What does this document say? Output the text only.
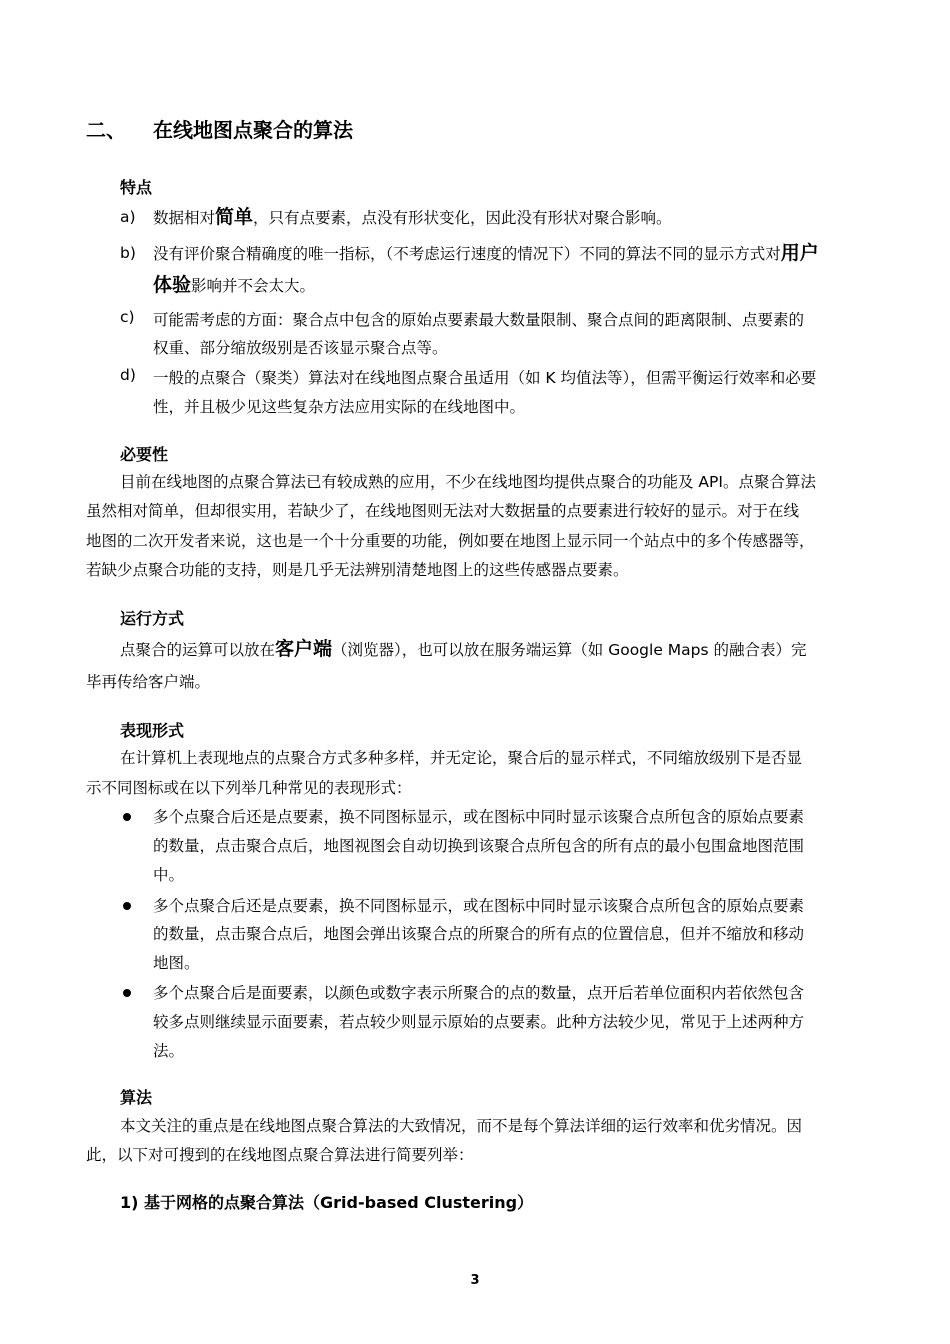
二、 在线地图点聚合的算法
特点
a) 数据相对简单，只有点要素，点没有形状变化，因此没有形状对聚合影响。
b) 没有评价聚合精确度的唯一指标，（不考虑运行速度的情况下）不同的算法不同的显示方式对用户
体验影响并不会太大。
c) 可能需考虑的方面：聚合点中包含的原始点要素最大数量限制、聚合点间的距离限制、点要素的
权重、部分缩放级别是否该显示聚合点等。
d) 一般的点聚合（聚类）算法对在线地图点聚合虽适用（如 K 均值法等），但需平衡运行效率和必要
性，并且极少见这些复杂方法应用实际的在线地图中。
必要性
目前在线地图的点聚合算法已有较成熟的应用，不少在线地图均提供点聚合的功能及 API。点聚合算法
虽然相对简单，但却很实用，若缺少了，在线地图则无法对大数据量的点要素进行较好的显示。对于在线
地图的二次开发者来说，这也是一个十分重要的功能，例如要在地图上显示同一个站点中的多个传感器等，
若缺少点聚合功能的支持，则是几乎无法辨别清楚地图上的这些传感器点要素。
运行方式
点聚合的运算可以放在客户端（浏览器），也可以放在服务端运算（如 Google Maps 的融合表）完
毕再传给客户端。
表现形式
在计算机上表现地点的点聚合方式多种多样，并无定论，聚合后的显示样式，不同缩放级别下是否显
示不同图标或在以下列举几种常见的表现形式：
多个点聚合后还是点要素，换不同图标显示，或在图标中同时显示该聚合点所包含的原始点要素
的数量，点击聚合点后，地图视图会自动切换到该聚合点所包含的所有点的最小包围盒地图范围
中。
多个点聚合后还是点要素，换不同图标显示，或在图标中同时显示该聚合点所包含的原始点要素
的数量，点击聚合点后，地图会弹出该聚合点的所聚合的所有点的位置信息，但并不缩放和移动
地图。
多个点聚合后是面要素，以颜色或数字表示所聚合的点的数量，点开后若单位面积内若依然包含
较多点则继续显示面要素，若点较少则显示原始的点要素。此种方法较少见，常见于上述两种方
法。
算法
本文关注的重点是在线地图点聚合算法的大致情况，而不是每个算法详细的运行效率和优劣情况。因
此，以下对可搜到的在线地图点聚合算法进行简要列举：
1) 基于网格的点聚合算法（Grid-based Clustering）
3
